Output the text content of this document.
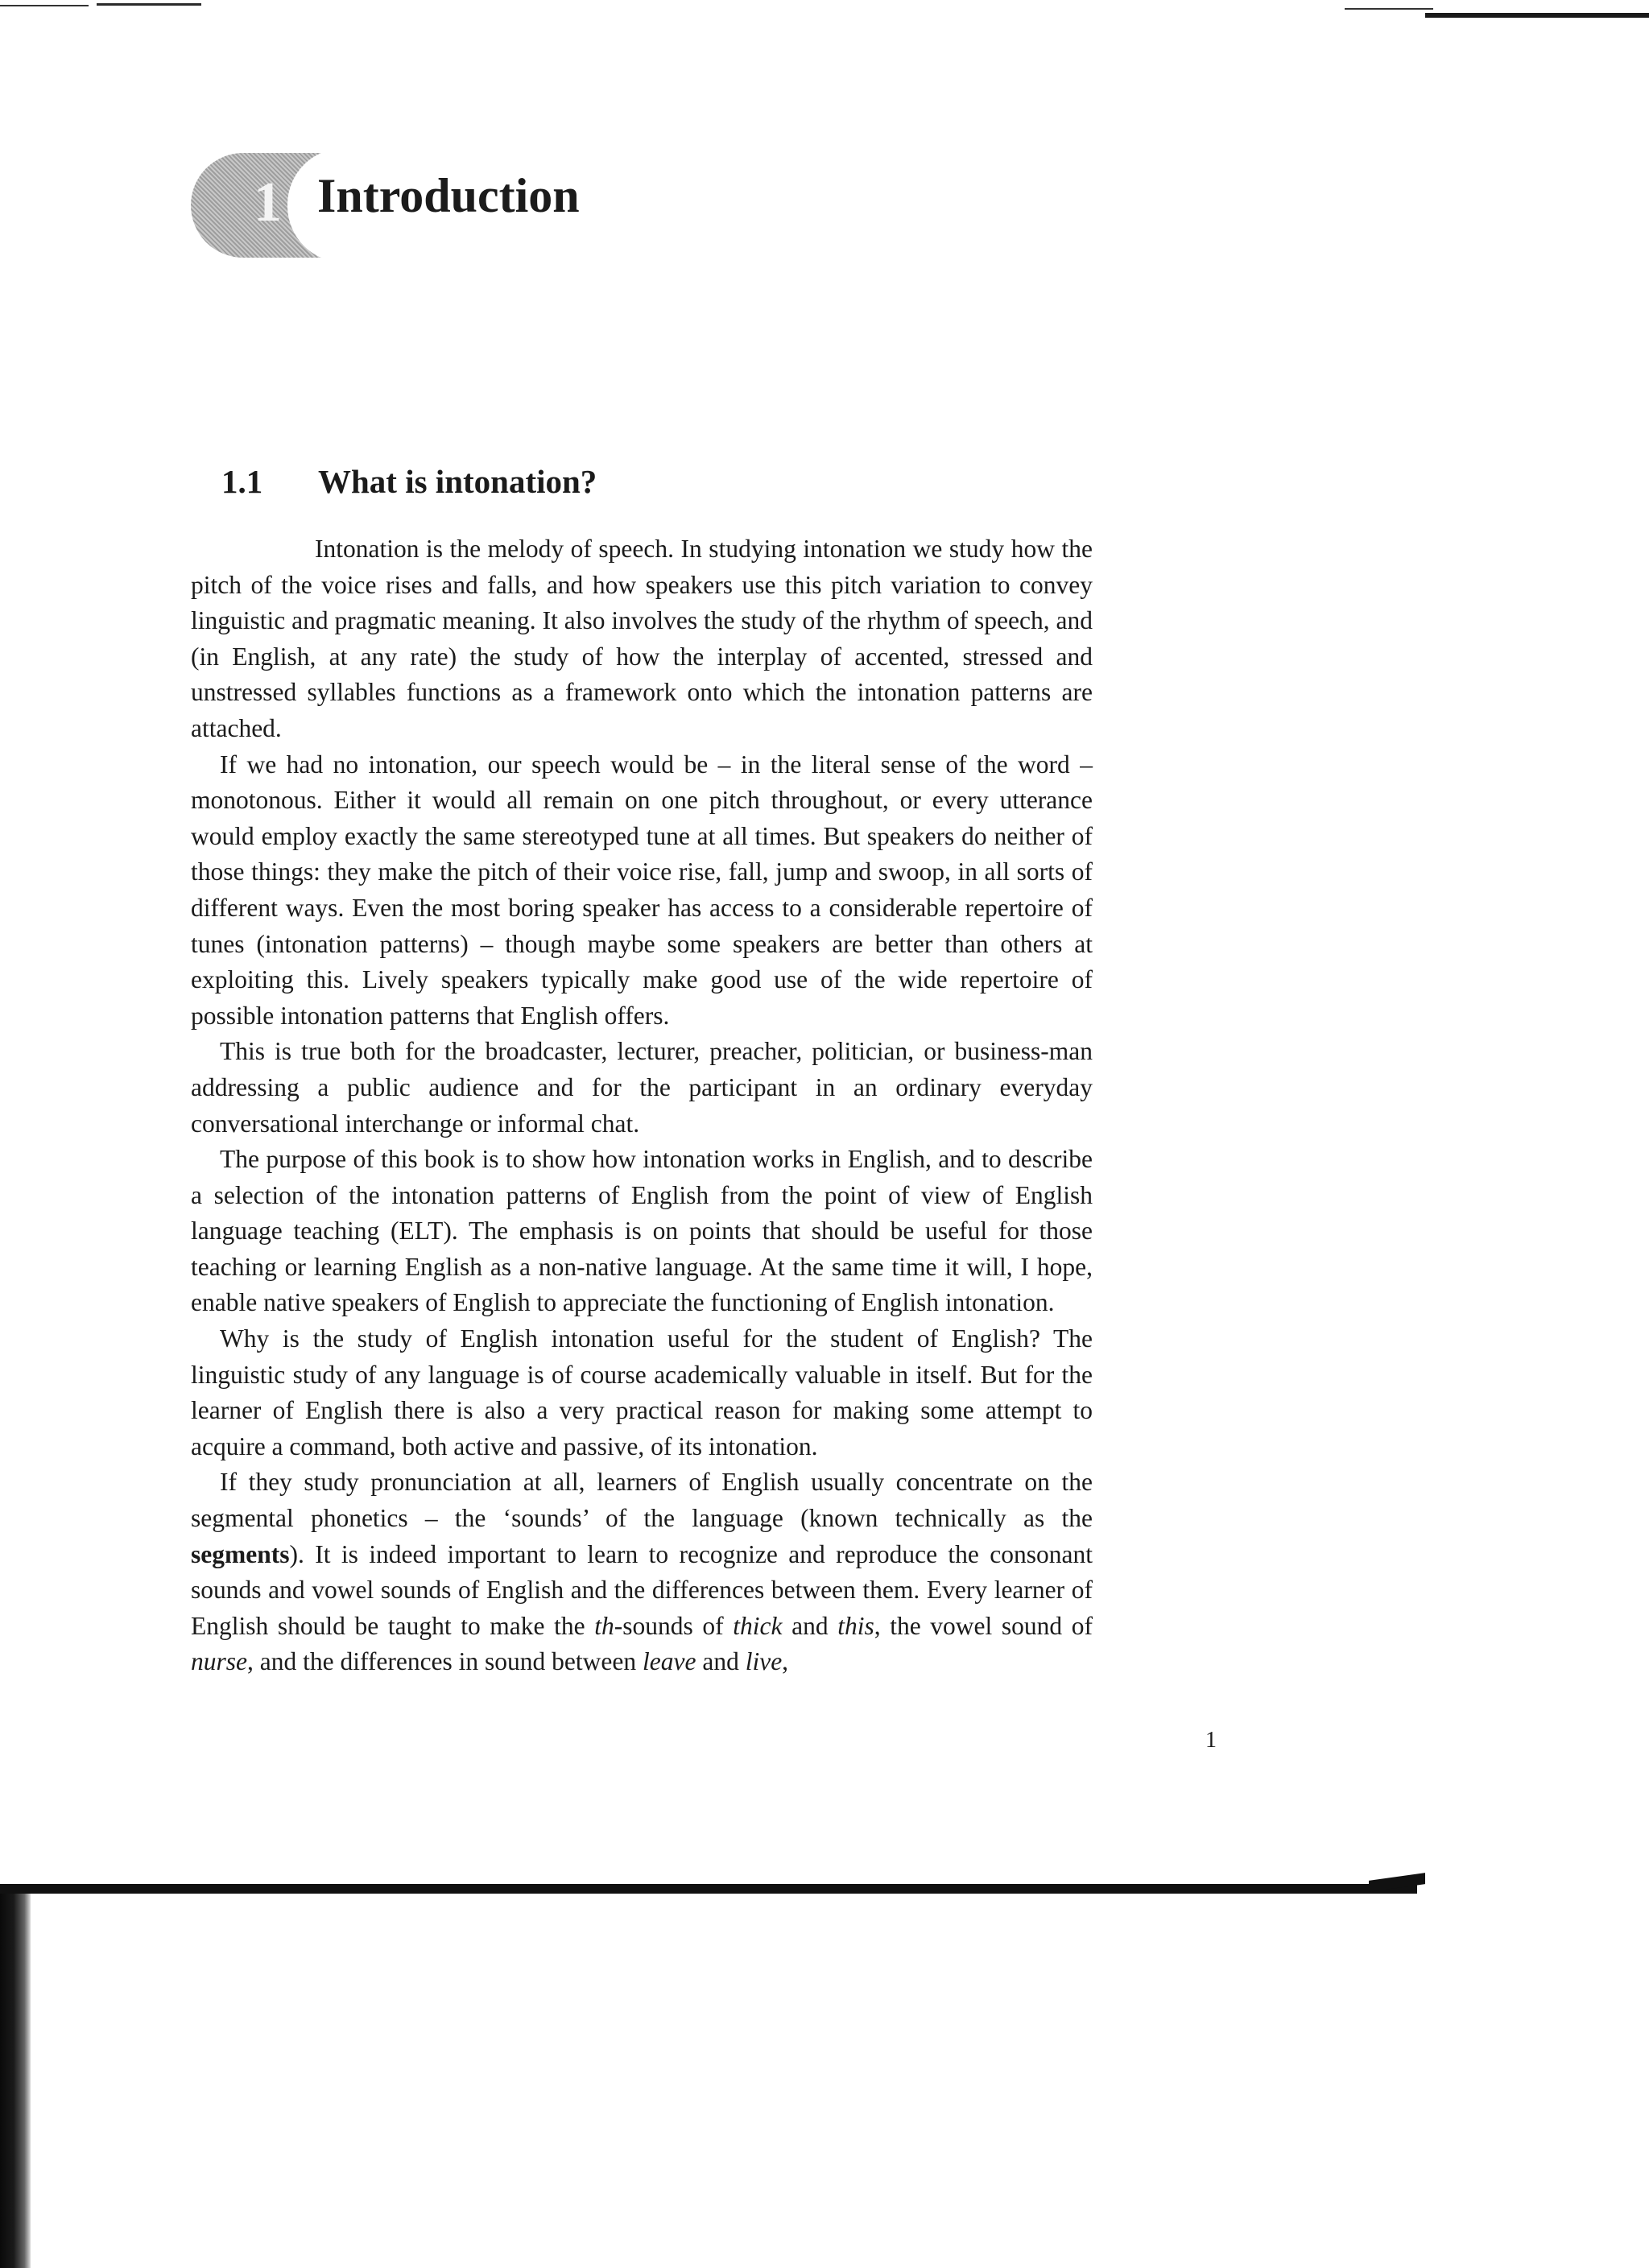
1 Introduction
1.1 What is intonation?

Intonation is the melody of speech. In studying intonation we study how the pitch of the voice rises and falls, and how speakers use this pitch variation to convey linguistic and pragmatic meaning. It also involves the study of the rhythm of speech, and (in English, at any rate) the study of how the interplay of accented, stressed and unstressed syllables functions as a framework onto which the intonation patterns are attached.

If we had no intonation, our speech would be – in the literal sense of the word – monotonous. Either it would all remain on one pitch throughout, or every utterance would employ exactly the same stereotyped tune at all times. But speakers do neither of those things: they make the pitch of their voice rise, fall, jump and swoop, in all sorts of different ways. Even the most boring speaker has access to a considerable repertoire of tunes (intonation patterns) – though maybe some speakers are better than others at exploiting this. Lively speakers typically make good use of the wide repertoire of possible intonation patterns that English offers.

This is true both for the broadcaster, lecturer, preacher, politician, or business-man addressing a public audience and for the participant in an ordinary everyday conversational interchange or informal chat.

The purpose of this book is to show how intonation works in English, and to describe a selection of the intonation patterns of English from the point of view of English language teaching (ELT). The emphasis is on points that should be useful for those teaching or learning English as a non-native language. At the same time it will, I hope, enable native speakers of English to appreciate the functioning of English intonation.

Why is the study of English intonation useful for the student of English? The linguistic study of any language is of course academically valuable in itself. But for the learner of English there is also a very practical reason for making some attempt to acquire a command, both active and passive, of its intonation.

If they study pronunciation at all, learners of English usually concentrate on the segmental phonetics – the ‘sounds’ of the language (known technically as the segments). It is indeed important to learn to recognize and reproduce the consonant sounds and vowel sounds of English and the differences between them. Every learner of English should be taught to make the th-sounds of thick and this, the vowel sound of nurse, and the differences in sound between leave and live,

1
